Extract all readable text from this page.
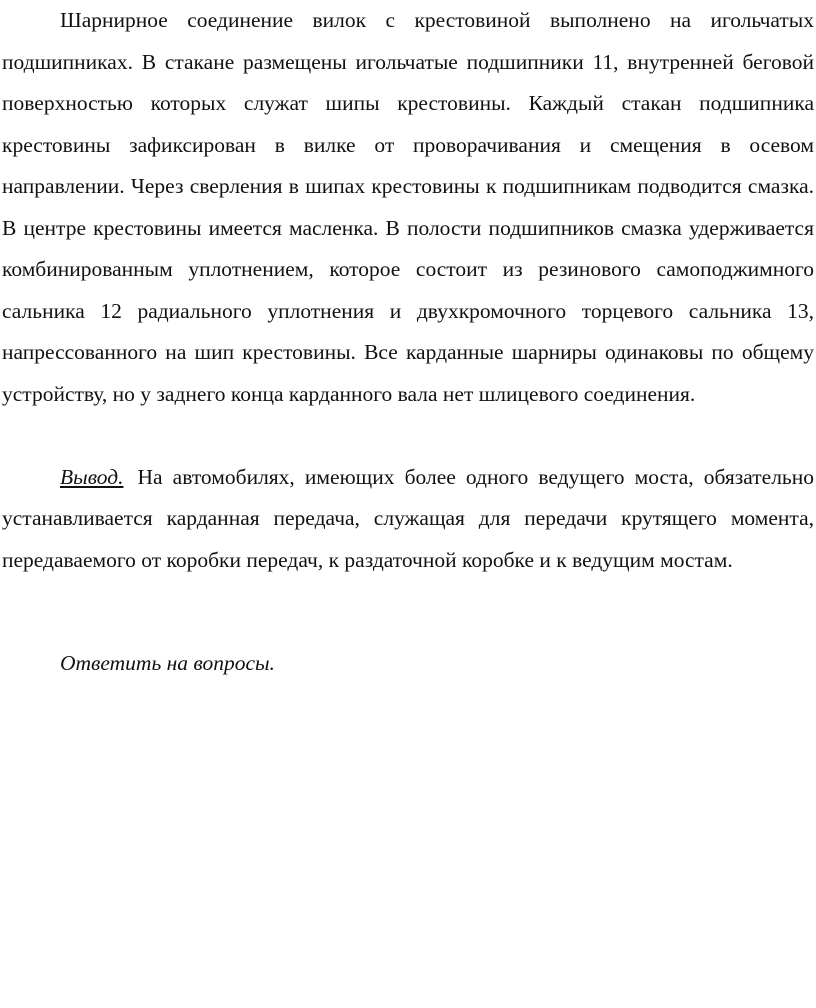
Шарнирное соединение вилок с крестовиной выполнено на игольчатых подшипниках. В стакане размещены игольчатые подшипники 11, внутренней беговой поверхностью которых служат шипы крестовины. Каждый стакан подшипника крестовины зафиксирован в вилке от проворачивания и смещения в осевом направлении. Через сверления в шипах крестовины к подшипникам подводится смазка. В центре крестовины имеется масленка. В полости подшипников смазка удерживается комбинированным уплотнением, которое состоит из резинового самоподжимного сальника 12 радиального уплотнения и двухкромочного торцевого сальника 13, напрессованного на шип крестовины. Все карданные шарниры одинаковы по общему устройству, но у заднего конца карданного вала нет шлицевого соединения.

Вывод. На автомобилях, имеющих более одного ведущего моста, обязательно устанавливается карданная передача, служащая для передачи крутящего момента, передаваемого от коробки передач, к раздаточной коробке и к ведущим мостам.

Ответить на вопросы.
